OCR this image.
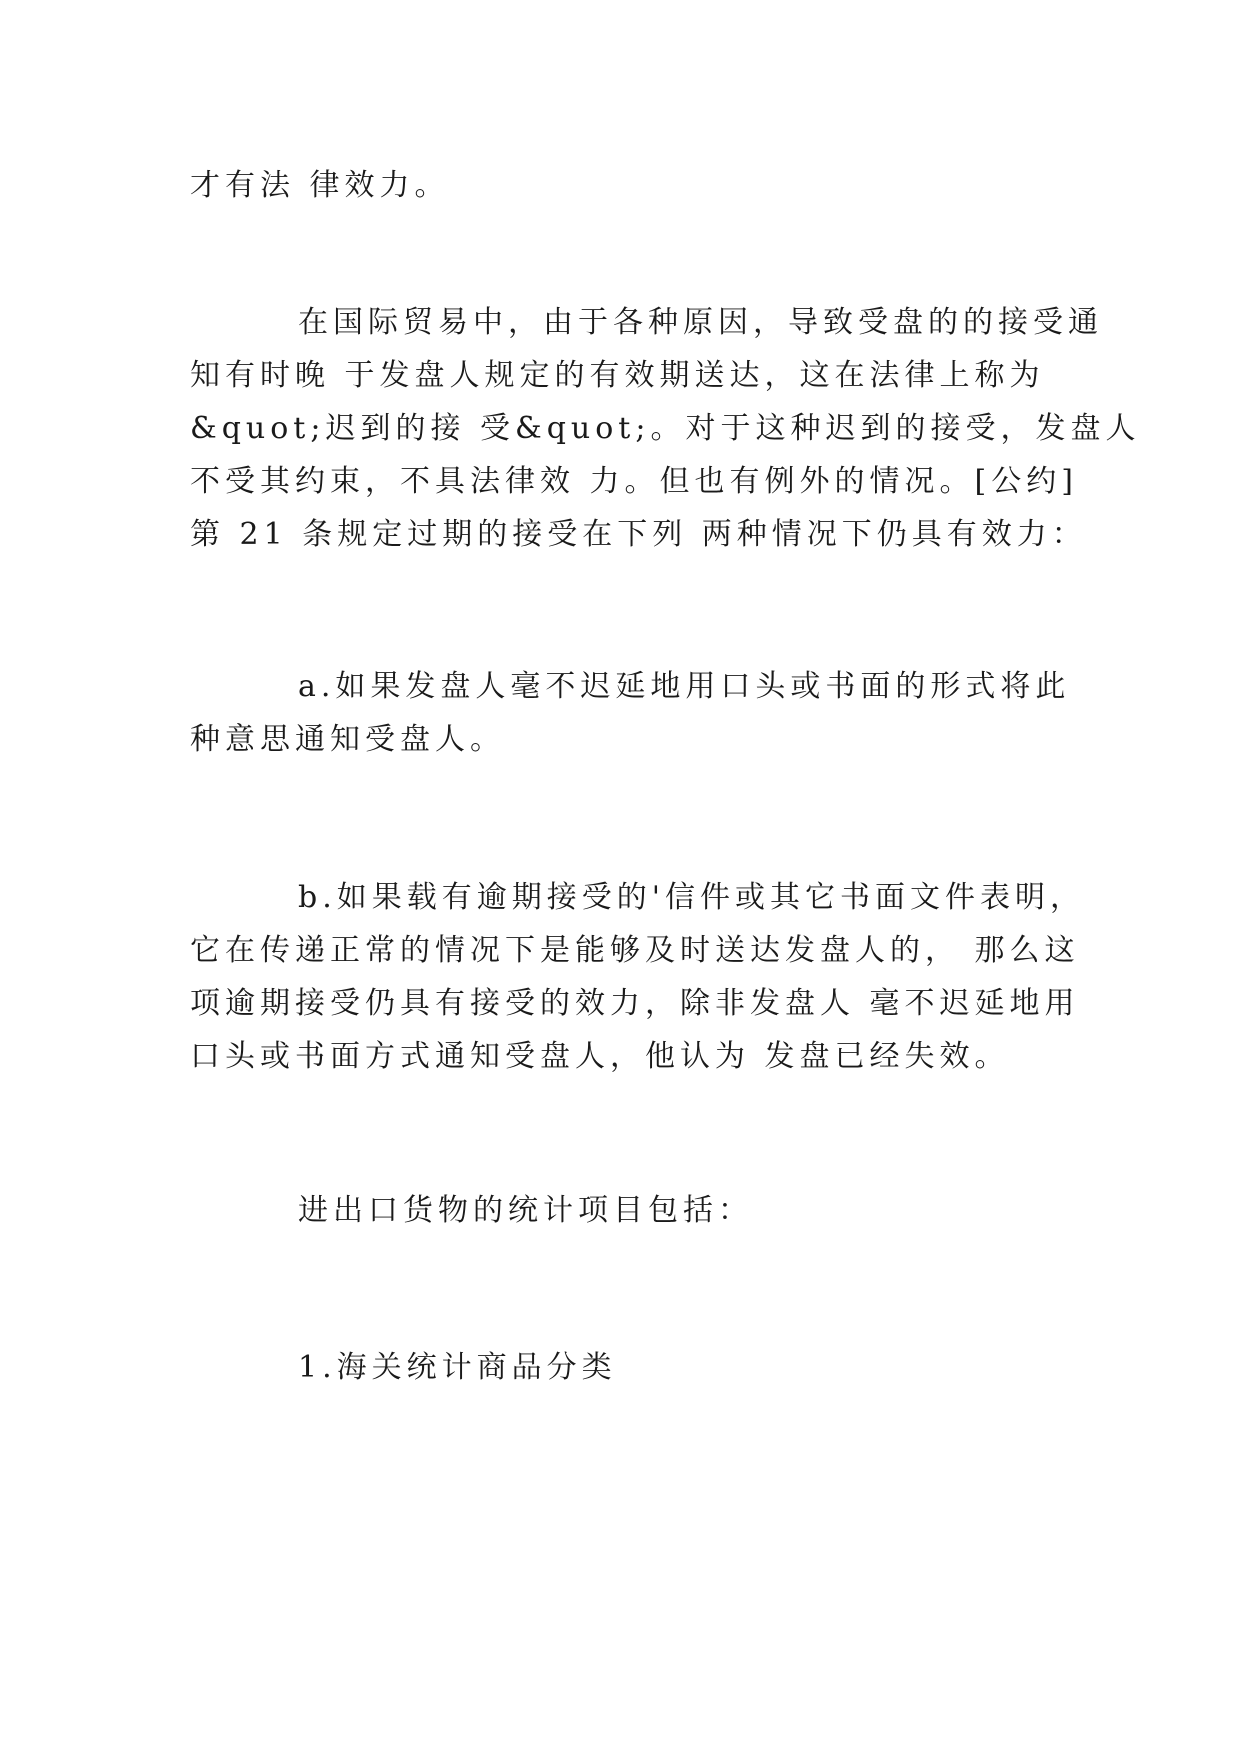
才有法 律效力。
在国际贸易中，由于各种原因，导致受盘的的接受通
知有时晚 于发盘人规定的有效期送达，这在法律上称为
&quot;迟到的接 受&quot;。对于这种迟到的接受，发盘人
不受其约束，不具法律效 力。但也有例外的情况。[公约]
第 21 条规定过期的接受在下列 两种情况下仍具有效力：
a.如果发盘人毫不迟延地用口头或书面的形式将此
种意思通知受盘人。
b.如果载有逾期接受的'信件或其它书面文件表明，
它在传递正常的情况下是能够及时送达发盘人的， 那么这
项逾期接受仍具有接受的效力，除非发盘人 毫不迟延地用
口头或书面方式通知受盘人，他认为 发盘已经失效。
进出口货物的统计项目包括：
1.海关统计商品分类
